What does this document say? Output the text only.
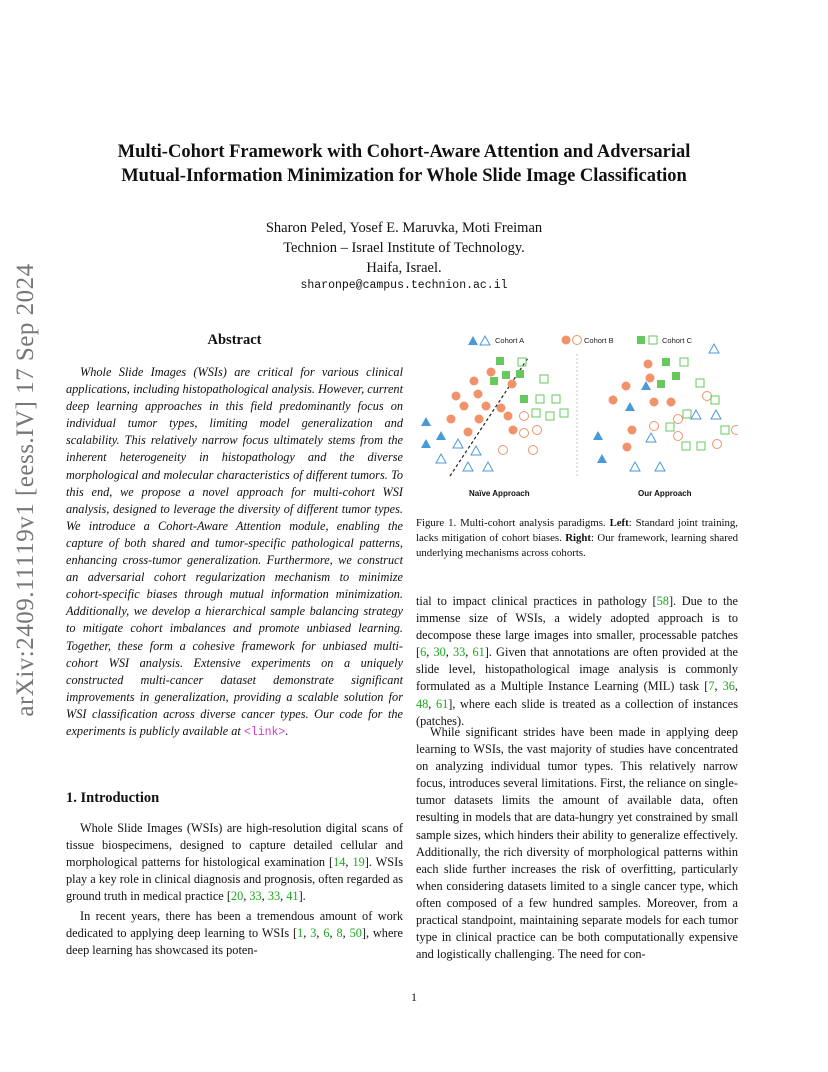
arXiv:2409.11119v1 [eess.IV] 17 Sep 2024
Multi-Cohort Framework with Cohort-Aware Attention and Adversarial
Mutual-Information Minimization for Whole Slide Image Classification
Sharon Peled, Yosef E. Maruvka, Moti Freiman
Technion – Israel Institute of Technology.
Haifa, Israel.
sharonpe@campus.technion.ac.il
Abstract
Whole Slide Images (WSIs) are critical for various clinical applications, including histopathological analysis. However, current deep learning approaches in this field predominantly focus on individual tumor types, limiting model generalization and scalability. This relatively narrow focus ultimately stems from the inherent heterogeneity in histopathology and the diverse morphological and molecular characteristics of different tumors. To this end, we propose a novel approach for multi-cohort WSI analysis, designed to leverage the diversity of different tumor types. We introduce a Cohort-Aware Attention module, enabling the capture of both shared and tumor-specific pathological patterns, enhancing cross-tumor generalization. Furthermore, we construct an adversarial cohort regularization mechanism to minimize cohort-specific biases through mutual information minimization. Additionally, we develop a hierarchical sample balancing strategy to mitigate cohort imbalances and promote unbiased learning. Together, these form a cohesive framework for unbiased multi-cohort WSI analysis. Extensive experiments on a uniquely constructed multi-cancer dataset demonstrate significant improvements in generalization, providing a scalable solution for WSI classification across diverse cancer types. Our code for the experiments is publicly available at <link>.
1. Introduction
Whole Slide Images (WSIs) are high-resolution digital scans of tissue biospecimens, designed to capture detailed cellular and morphological patterns for histological examination [14, 19]. WSIs play a key role in clinical diagnosis and prognosis, often regarded as ground truth in medical practice [20, 33, 33, 41].
In recent years, there has been a tremendous amount of work dedicated to applying deep learning to WSIs [1, 3, 6, 8, 50], where deep learning has showcased its poten-
Cohort A	Cohort B	Cohort C
Naïve Approach	Our Approach
Figure 1. Multi-cohort analysis paradigms. Left: Standard joint training, lacks mitigation of cohort biases. Right: Our framework, learning shared underlying mechanisms across cohorts.
tial to impact clinical practices in pathology [58]. Due to the immense size of WSIs, a widely adopted approach is to decompose these large images into smaller, processable patches [6, 30, 33, 61]. Given that annotations are often provided at the slide level, histopathological image analysis is commonly formulated as a Multiple Instance Learning (MIL) task [7, 36, 48, 61], where each slide is treated as a collection of instances (patches).
While significant strides have been made in applying deep learning to WSIs, the vast majority of studies have concentrated on analyzing individual tumor types. This relatively narrow focus, introduces several limitations. First, the reliance on single-tumor datasets limits the amount of available data, often resulting in models that are data-hungry yet constrained by small sample sizes, which hinders their ability to generalize effectively. Additionally, the rich diversity of morphological patterns within each slide further increases the risk of overfitting, particularly when considering datasets limited to a single cancer type, which often composed of a few hundred samples. Moreover, from a practical standpoint, maintaining separate models for each tumor type in clinical practice can be both computationally expensive and logistically challenging. The need for con-
1
